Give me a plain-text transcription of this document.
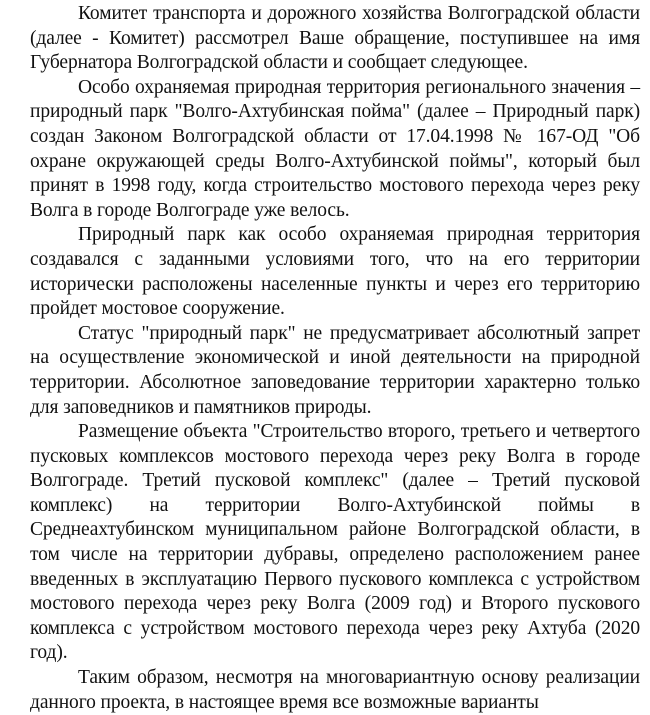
Комитет транспорта и дорожного хозяйства Волгоградской области (далее - Комитет) рассмотрел Ваше обращение, поступившее на имя Губернатора Волгоградской области и сообщает следующее.

Особо охраняемая природная территория регионального значения – природный парк "Волго-Ахтубинская пойма" (далее – Природный парк) создан Законом Волгоградской области от 17.04.1998 № 167-ОД "Об охране окружающей среды Волго-Ахтубинской поймы", который был принят в 1998 году, когда строительство мостового перехода через реку Волга в городе Волгограде уже велось.

Природный парк как особо охраняемая природная территория создавался с заданными условиями того, что на его территории исторически расположены населенные пункты и через его территорию пройдет мостовое сооружение.

Статус "природный парк" не предусматривает абсолютный запрет на осуществление экономической и иной деятельности на природной территории. Абсолютное заповедование территории характерно только для заповедников и памятников природы.

Размещение объекта "Строительство второго, третьего и четвертого пусковых комплексов мостового перехода через реку Волга в городе Волгограде. Третий пусковой комплекс" (далее – Третий пусковой комплекс) на территории Волго-Ахтубинской поймы в Среднеахтубинском муниципальном районе Волгоградской области, в том числе на территории дубравы, определено расположением ранее введенных в эксплуатацию Первого пускового комплекса с устройством мостового перехода через реку Волга (2009 год) и Второго пускового комплекса с устройством мостового перехода через реку Ахтуба (2020 год).

Таким образом, несмотря на многовариантную основу реализации данного проекта, в настоящее время все возможные варианты
